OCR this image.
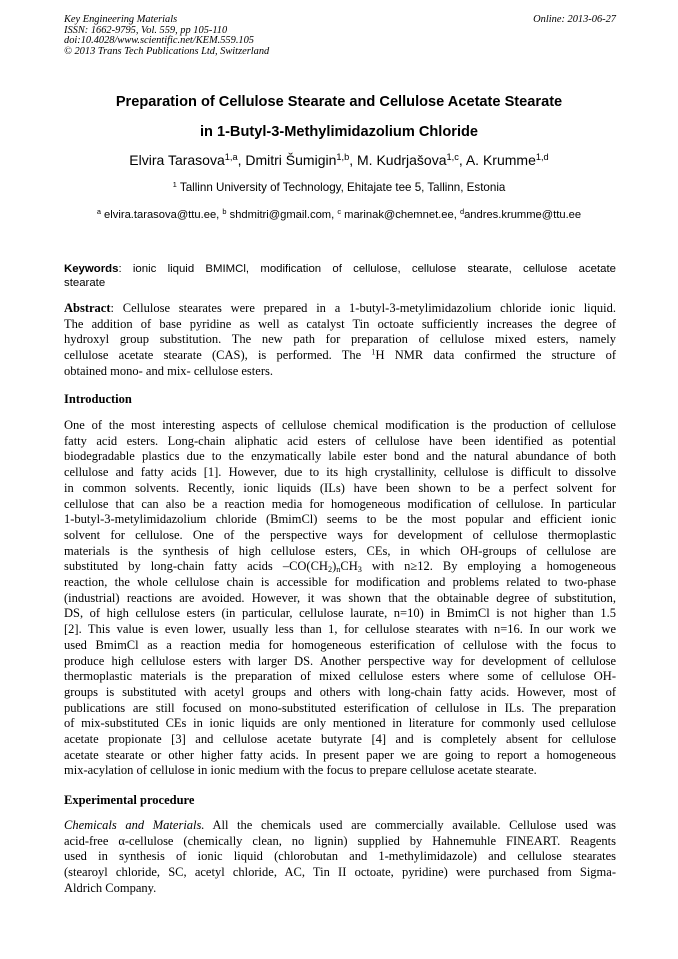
Key Engineering Materials	Online: 2013-06-27
ISSN: 1662-9795, Vol. 559, pp 105-110
doi:10.4028/www.scientific.net/KEM.559.105
© 2013 Trans Tech Publications Ltd, Switzerland
Preparation of Cellulose Stearate and Cellulose Acetate Stearate
in 1-Butyl-3-Methylimidazolium Chloride
Elvira Tarasova$^{1,a}$, Dmitri Šumigin$^{1,b}$, M. Kudrjašova$^{1,c}$, A. Krumme$^{1,d}$
$^1$ Tallinn University of Technology, Ehitajate tee 5, Tallinn, Estonia
$^a$ elvira.tarasova@ttu.ee, $^b$ shdmitri@gmail.com, $^c$ marinak@chemnet.ee, $^d$andres.krumme@ttu.ee
Keywords: ionic liquid BMIMCl, modification of cellulose, cellulose stearate, cellulose acetate
stearate
Abstract: Cellulose stearates were prepared in a 1-butyl-3-metylimidazolium chloride ionic liquid.
The addition of base pyridine as well as catalyst Tin octoate sufficiently increases the degree of
hydroxyl group substitution. The new path for preparation of cellulose mixed esters, namely
cellulose acetate stearate (CAS), is performed. The $^1$H NMR data confirmed the structure of
obtained mono- and mix- cellulose esters.
Introduction
One of the most interesting aspects of cellulose chemical modification is the production of cellulose
fatty acid esters. Long-chain aliphatic acid esters of cellulose have been identified as potential
biodegradable plastics due to the enzymatically labile ester bond and the natural abundance of both
cellulose and fatty acids [1]. However, due to its high crystallinity, cellulose is difficult to dissolve
in common solvents. Recently, ionic liquids (ILs) have been shown to be a perfect solvent for
cellulose that can also be a reaction media for homogeneous modification of cellulose. In particular
1-butyl-3-metylimidazolium chloride (BmimCl) seems to be the most popular and efficient ionic
solvent for cellulose. One of the perspective ways for development of cellulose thermoplastic
materials is the synthesis of high cellulose esters, CEs, in which OH-groups of cellulose are
substituted by long-chain fatty acids $-CO(CH_2)_nCH_3$ with n≥12. By employing a homogeneous
reaction, the whole cellulose chain is accessible for modification and problems related to two-phase
(industrial) reactions are avoided. However, it was shown that the obtainable degree of substitution,
DS, of high cellulose esters (in particular, cellulose laurate, n=10) in BmimCl is not higher than 1.5
[2]. This value is even lower, usually less than 1, for cellulose stearates with n=16. In our work we
used BmimCl as a reaction media for homogeneous esterification of cellulose with the focus to
produce high cellulose esters with larger DS. Another perspective way for development of cellulose
thermoplastic materials is the preparation of mixed cellulose esters where some of cellulose OH-
groups is substituted with acetyl groups and others with long-chain fatty acids. However, most of
publications are still focused on mono-substituted esterification of cellulose in ILs. The preparation
of mix-substituted CEs in ionic liquids are only mentioned in literature for commonly used cellulose
acetate propionate [3] and cellulose acetate butyrate [4] and is completely absent for cellulose
acetate stearate or other higher fatty acids. In present paper we are going to report a homogeneous
mix-acylation of cellulose in ionic medium with the focus to prepare cellulose acetate stearate.
Experimental procedure
Chemicals and Materials. All the chemicals used are commercially available. Cellulose used was
acid-free α-cellulose (chemically clean, no lignin) supplied by Hahnemuhle FINEART. Reagents
used in synthesis of ionic liquid (chlorobutan and 1-methylimidazole) and cellulose stearates
(stearoyl chloride, SC, acetyl chloride, AC, Tin II octoate, pyridine) were purchased from Sigma-
Aldrich Company.
